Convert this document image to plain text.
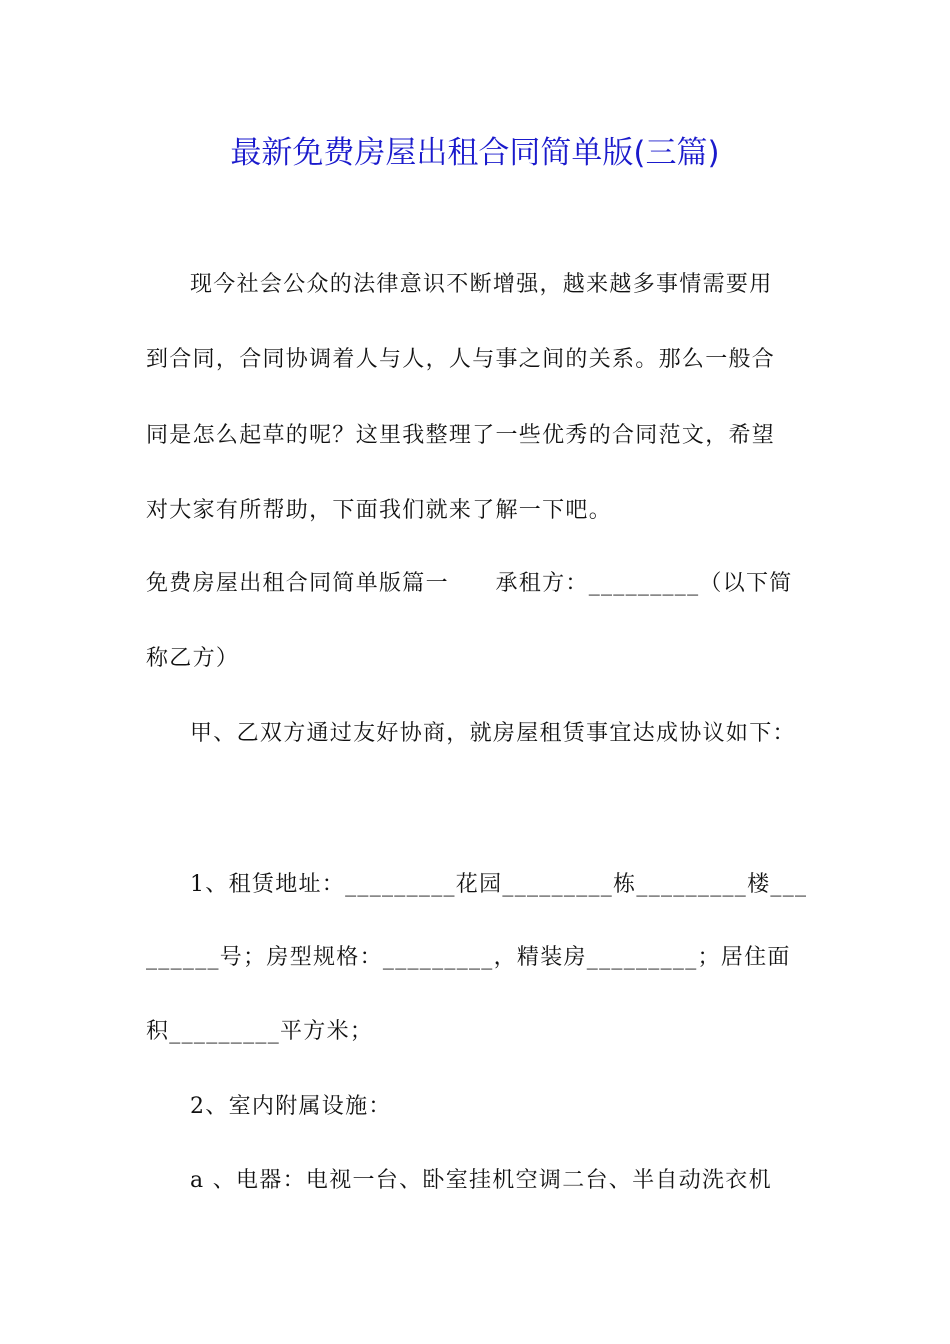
最新免费房屋出租合同简单版(三篇)
现今社会公众的法律意识不断增强，越来越多事情需要用
到合同，合同协调着人与人，人与事之间的关系。那么一般合
同是怎么起草的呢？这里我整理了一些优秀的合同范文，希望
对大家有所帮助，下面我们就来了解一下吧。
免费房屋出租合同简单版篇一　　承租方：_________（以下简
称乙方）
甲、乙双方通过友好协商，就房屋租赁事宜达成协议如下：
1、租赁地址：_________花园_________栋_________楼___
______号；房型规格：_________，精装房_________；居住面
积_________平方米；
2、室内附属设施：
a 、电器：电视一台、卧室挂机空调二台、半自动洗衣机
